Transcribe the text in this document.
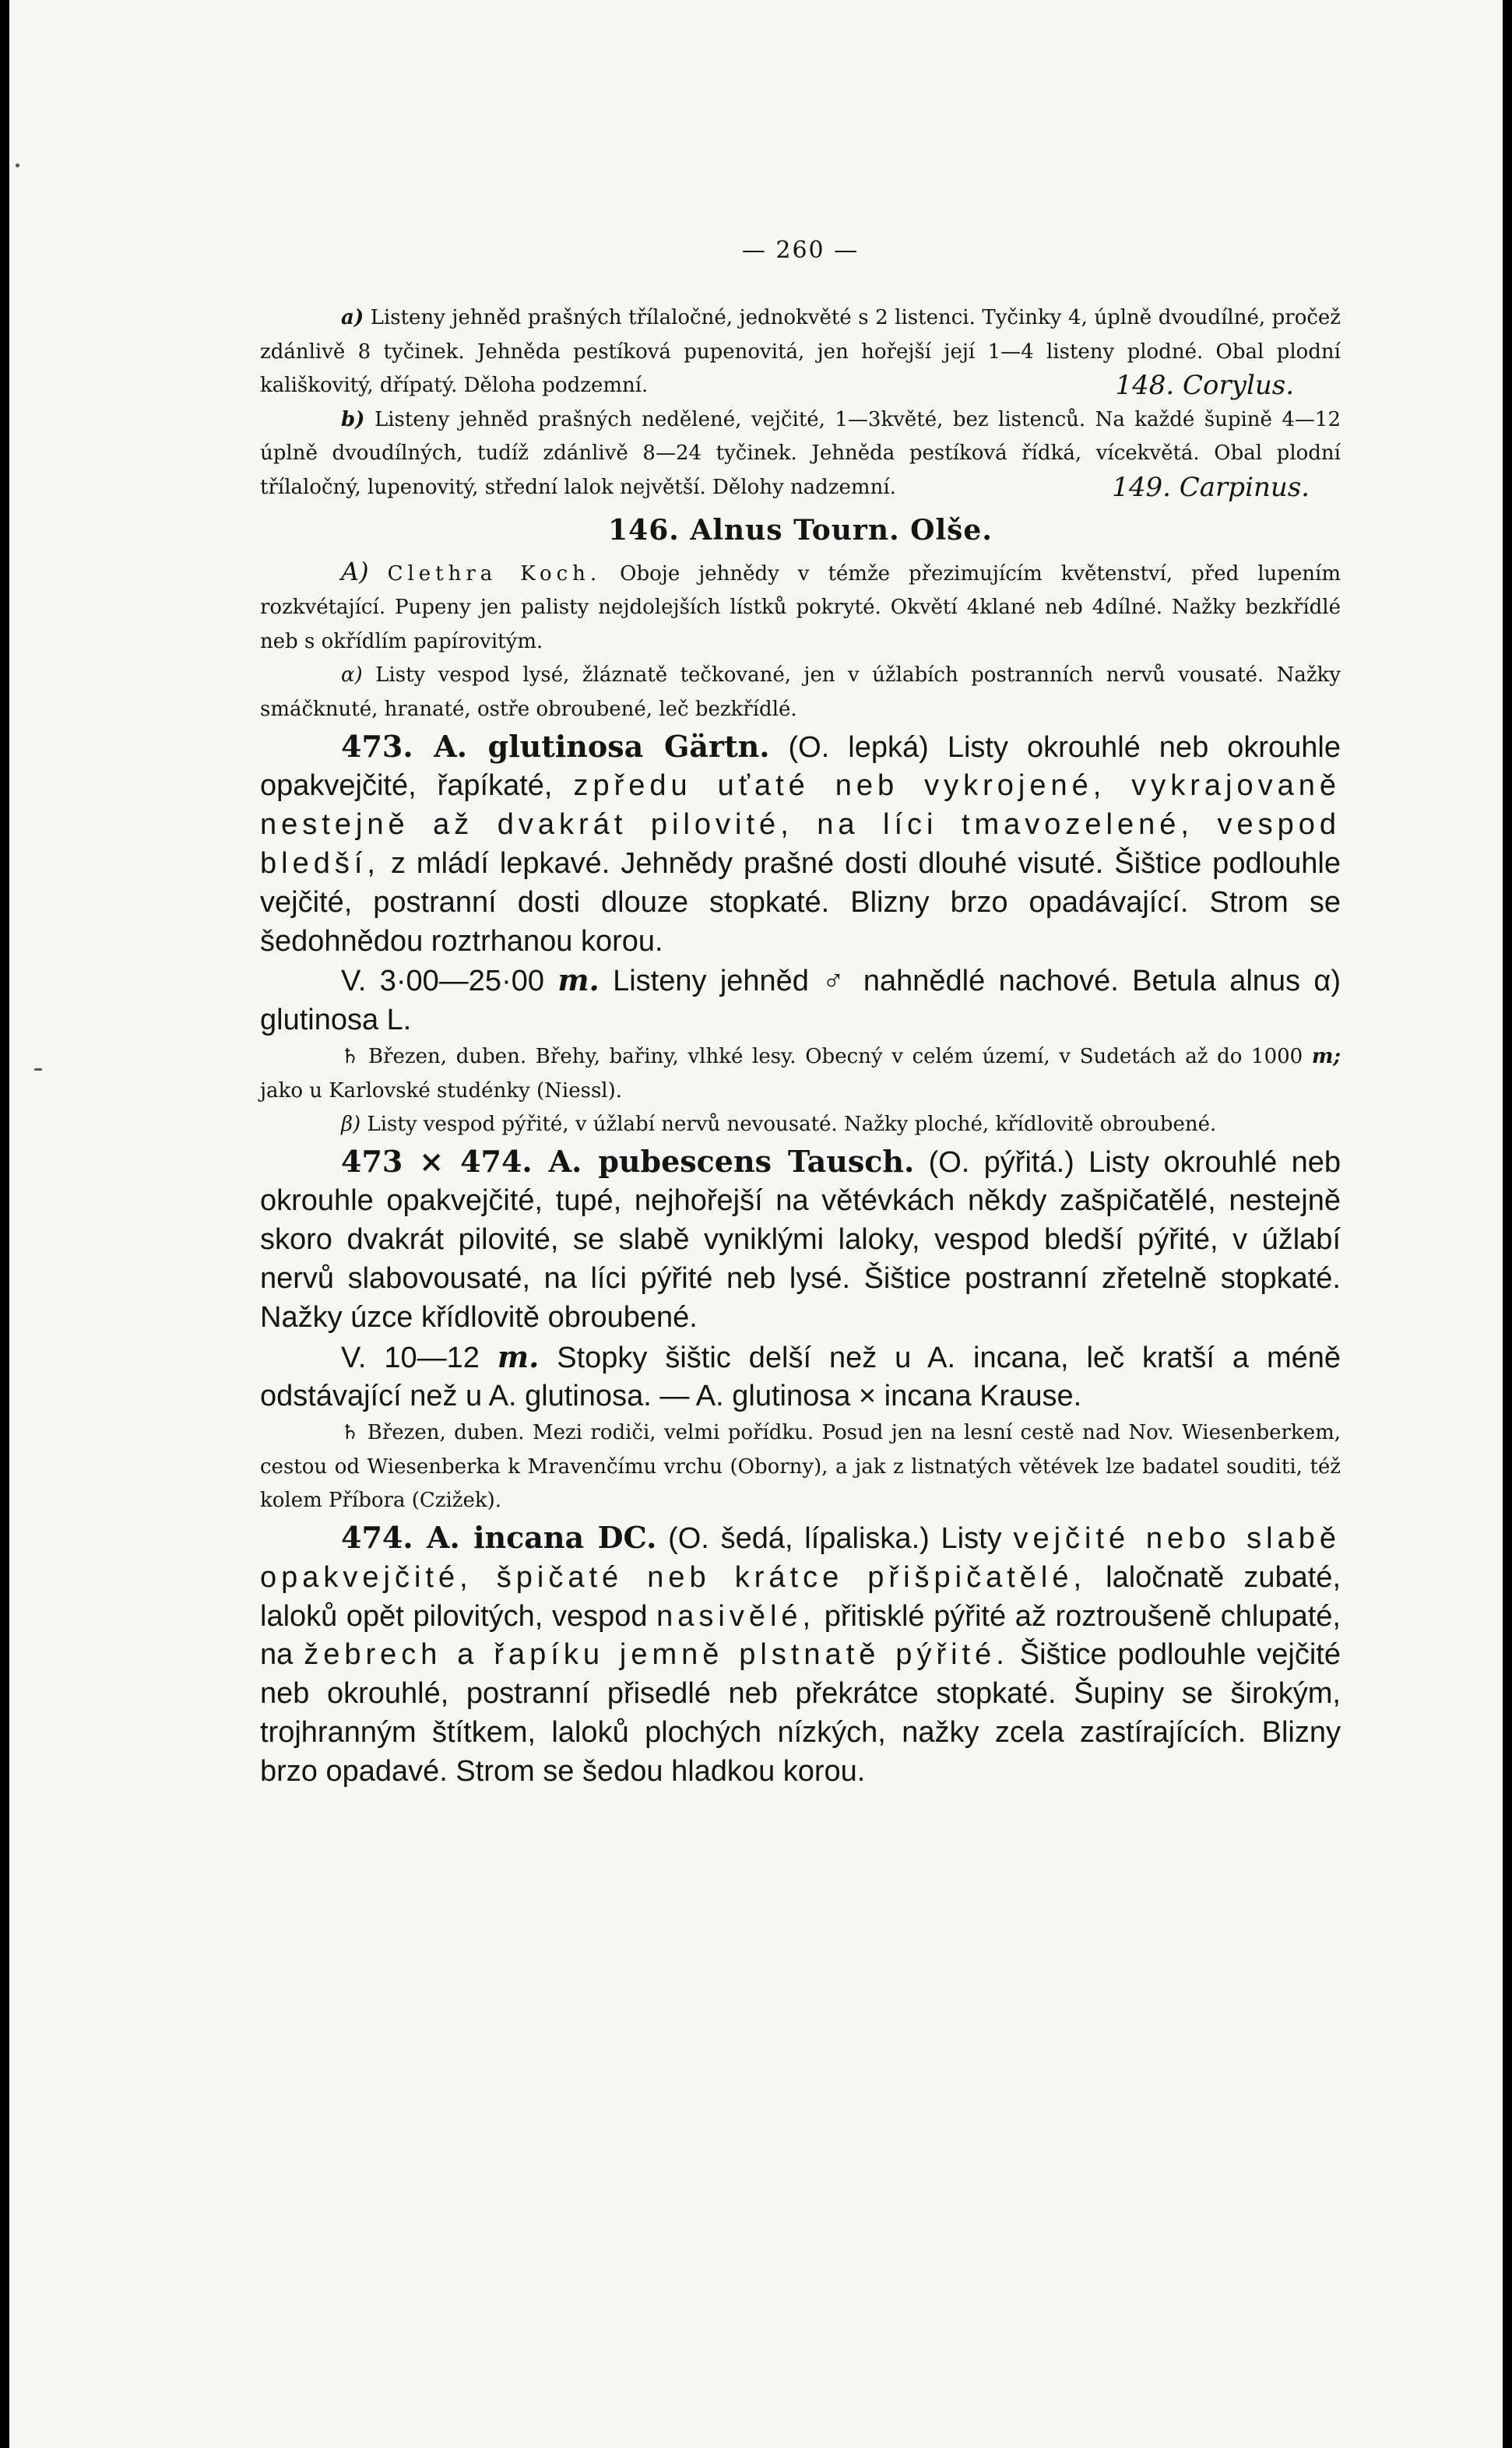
— 260 —
a) Listeny jehněd prašných třílaločné, jednokvěté s 2 listenci. Tyčinky 4, úplně dvoudílné, pročež zdánlivě 8 tyčinek. Jehněda pestíková pupenovitá, jen hořejší její 1—4 listeny plodné. Obal plodní kališkovitý, dřípatý. Děloha podzemní.	148. Corylus.
b) Listeny jehněd prašných nedělené, vejčité, 1—3květé, bez listenců. Na každé šupině 4—12 úplně dvoudílných, tudíž zdánlivě 8—24 tyčinek. Jehněda pestíková řídká, vícekvětá. Obal plodní třílaločný, lupenovitý, střední lalok největší. Dělohy nadzemní.	149. Carpinus.
146. Alnus Tourn. Olše.
A) Clethra Koch. Oboje jehnědy v témže přezimujícím květenství, před lupením rozkvétající. Pupeny jen palisty nejdolejších lístků pokryté. Okvětí 4klané neb 4dílné. Nažky bezkřídlé neb s okřídlím papírovitým.
α) Listy vespod lysé, žláznatě tečkované, jen v úžlabích postranních nervů vousaté. Nažky smáčknuté, hranaté, ostře obroubené, leč bezkřídlé.
473. A. glutinosa Gärtn. (O. lepká) Listy okrouhlé neb okrouhle opakvejčité, řapíkaté, zpředu uťaté neb vykrojené, vykrajovaně nestejně až dvakrát pilovité, na líci tmavozelené, vespod bledší, z mládí lepkavé. Jehnědy prašné dosti dlouhé visuté. Šištice podlouhle vejčité, postranní dosti dlouze stopkaté. Blizny brzo opadávající. Strom se šedohnědou roztrhanou korou.
V. 3·00—25·00 m. Listeny jehněd ♂ nahnědlé nachové. Betula alnus α) glutinosa L.
♄ Březen, duben. Břehy, bařiny, vlhké lesy. Obecný v celém území, v Sudetách až do 1000 m; jako u Karlovské studénky (Niessl).
β) Listy vespod pýřité, v úžlabí nervů nevousaté. Nažky ploché, křídlovitě obroubené.
473 × 474. A. pubescens Tausch. (O. pýřitá.) Listy okrouhlé neb okrouhle opakvejčité, tupé, nejhořejší na větévkách někdy zašpičatělé, nestejně skoro dvakrát pilovité, se slabě vyniklými laloky, vespod bledší pýřité, v úžlabí nervů slabovousaté, na líci pýřité neb lysé. Šištice postranní zřetelně stopkaté. Nažky úzce křídlovitě obroubené.
V. 10—12 m. Stopky šištic delší než u A. incana, leč kratší a méně odstávající než u A. glutinosa. — A. glutinosa × incana Krause.
♄ Březen, duben. Mezi rodiči, velmi pořídku. Posud jen na lesní cestě nad Nov. Wiesenberkem, cestou od Wiesenberka k Mravenčímu vrchu (Oborny), a jak z listnatých větévek lze badatel souditi, též kolem Příbora (Czižek).
474. A. incana DC. (O. šedá, lípaliska.) Listy vejčité nebo slabě opakvejčité, špičaté neb krátce přišpičatělé, laločnatě zubaté, laloků opět pilovitých, vespod nasivělé, přitisklé pýřité až roztroušeně chlupaté, na žebrech a řapíku jemně plstnatě pýřité. Šištice podlouhle vejčité neb okrouhlé, postranní přisedlé neb překrátce stopkaté. Šupiny se širokým, trojhranným štítkem, laloků plochých nízkých, nažky zcela zastírajících. Blizny brzo opadavé. Strom se šedou hladkou korou.
